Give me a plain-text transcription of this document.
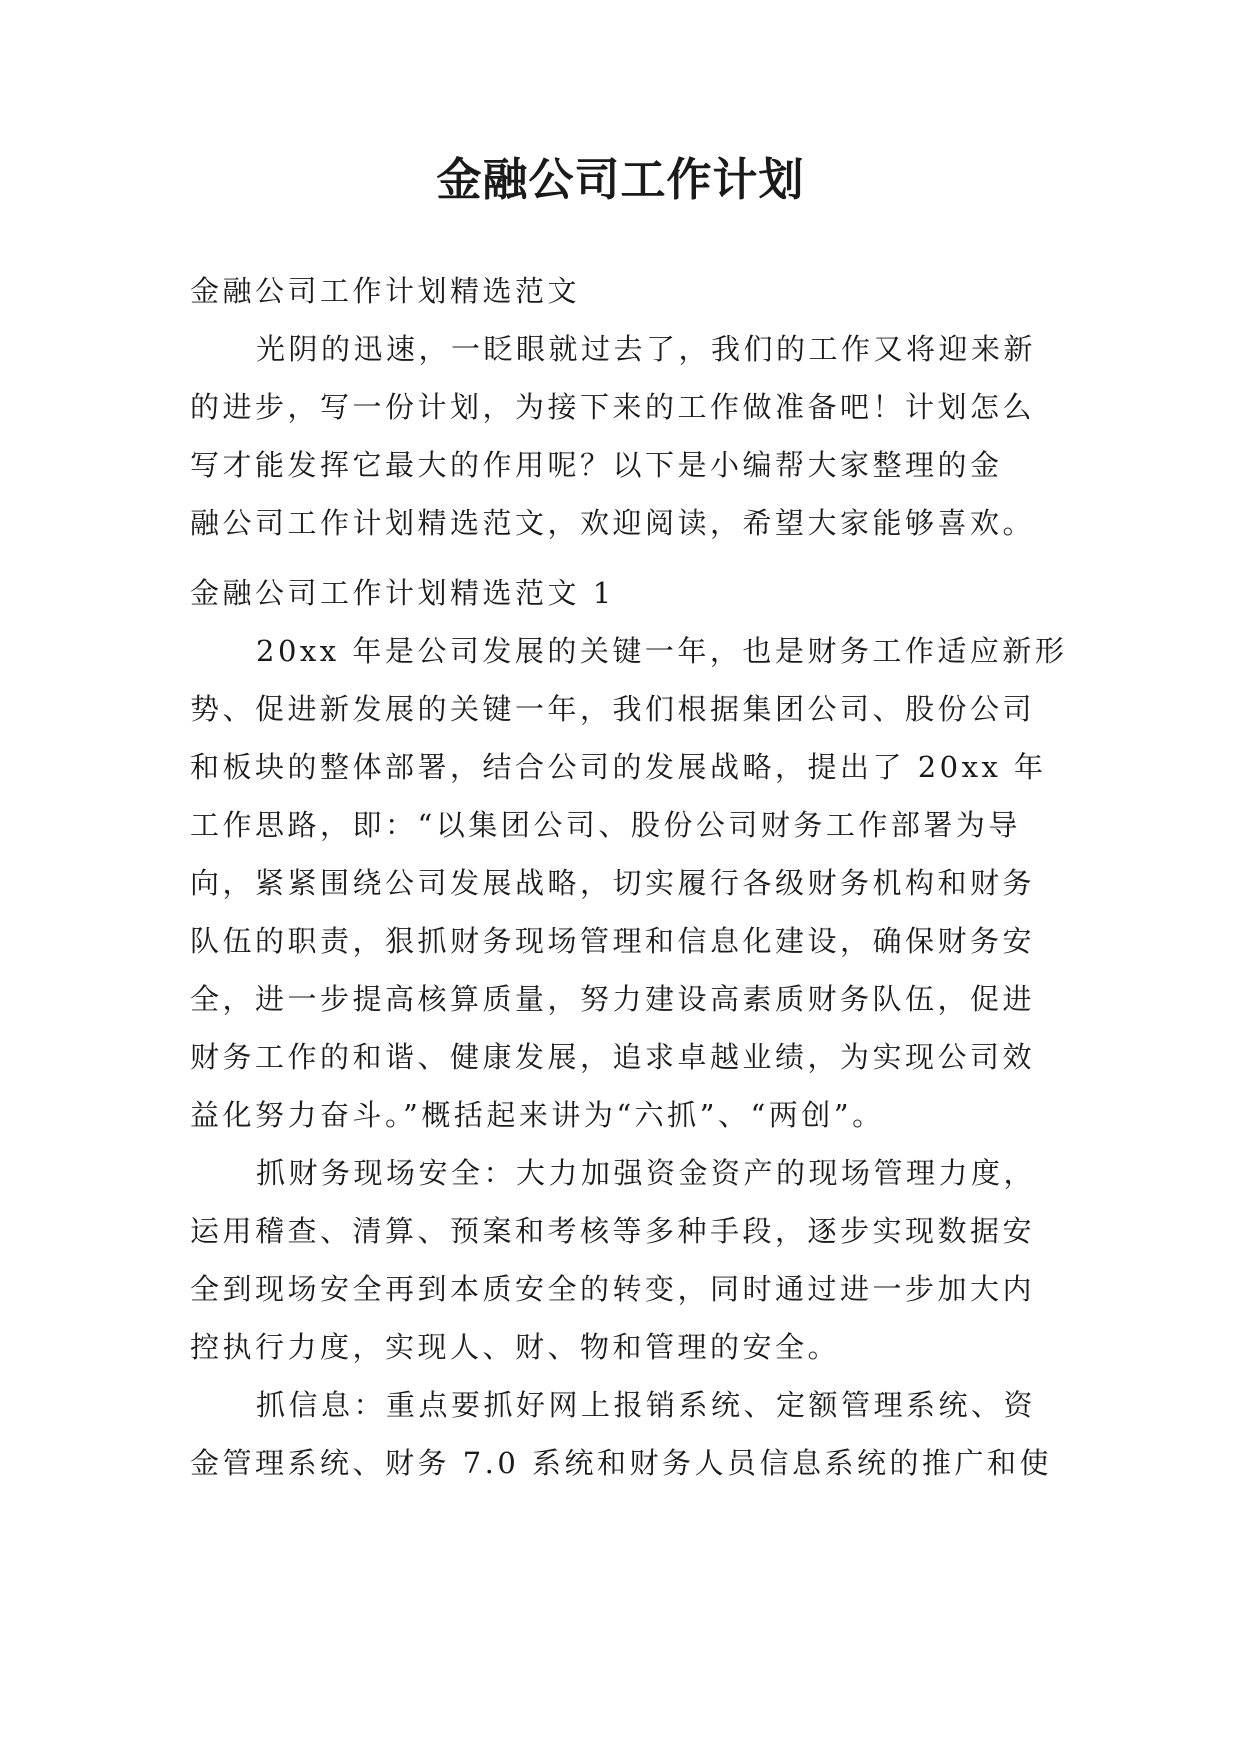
金融公司工作计划
金融公司工作计划精选范文
光阴的迅速，一眨眼就过去了，我们的工作又将迎来新
的进步，写一份计划，为接下来的工作做准备吧！计划怎么
写才能发挥它最大的作用呢？以下是小编帮大家整理的金
融公司工作计划精选范文，欢迎阅读，希望大家能够喜欢。
金融公司工作计划精选范文 1
20xx 年是公司发展的关键一年，也是财务工作适应新形
势、促进新发展的关键一年，我们根据集团公司、股份公司
和板块的整体部署，结合公司的发展战略，提出了 20xx 年
工作思路，即：“以集团公司、股份公司财务工作部署为导
向，紧紧围绕公司发展战略，切实履行各级财务机构和财务
队伍的职责，狠抓财务现场管理和信息化建设，确保财务安
全，进一步提高核算质量，努力建设高素质财务队伍，促进
财务工作的和谐、健康发展，追求卓越业绩，为实现公司效
益化努力奋斗。”概括起来讲为“六抓”、“两创”。
抓财务现场安全：大力加强资金资产的现场管理力度，
运用稽查、清算、预案和考核等多种手段，逐步实现数据安
全到现场安全再到本质安全的转变，同时通过进一步加大内
控执行力度，实现人、财、物和管理的安全。
抓信息：重点要抓好网上报销系统、定额管理系统、资
金管理系统、财务 7.0 系统和财务人员信息系统的推广和使
